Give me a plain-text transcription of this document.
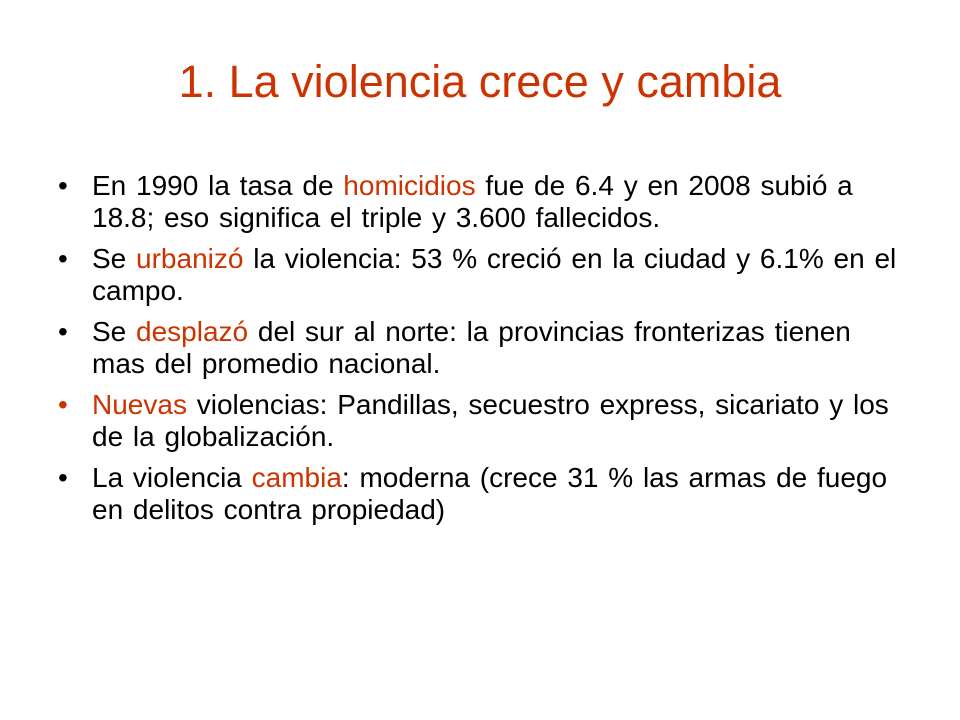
1. La violencia crece y cambia
• En 1990 la tasa de homicidios fue de 6.4 y en 2008 subió a 18.8; eso significa el triple y 3.600 fallecidos.
• Se urbanizó la violencia: 53 % creció en la ciudad y 6.1% en el campo.
• Se desplazó del sur al norte: la provincias fronterizas tienen mas del promedio nacional.
• Nuevas violencias: Pandillas, secuestro express, sicariato y los de la globalización.
• La violencia cambia: moderna (crece 31 % las armas de fuego en delitos contra propiedad)
